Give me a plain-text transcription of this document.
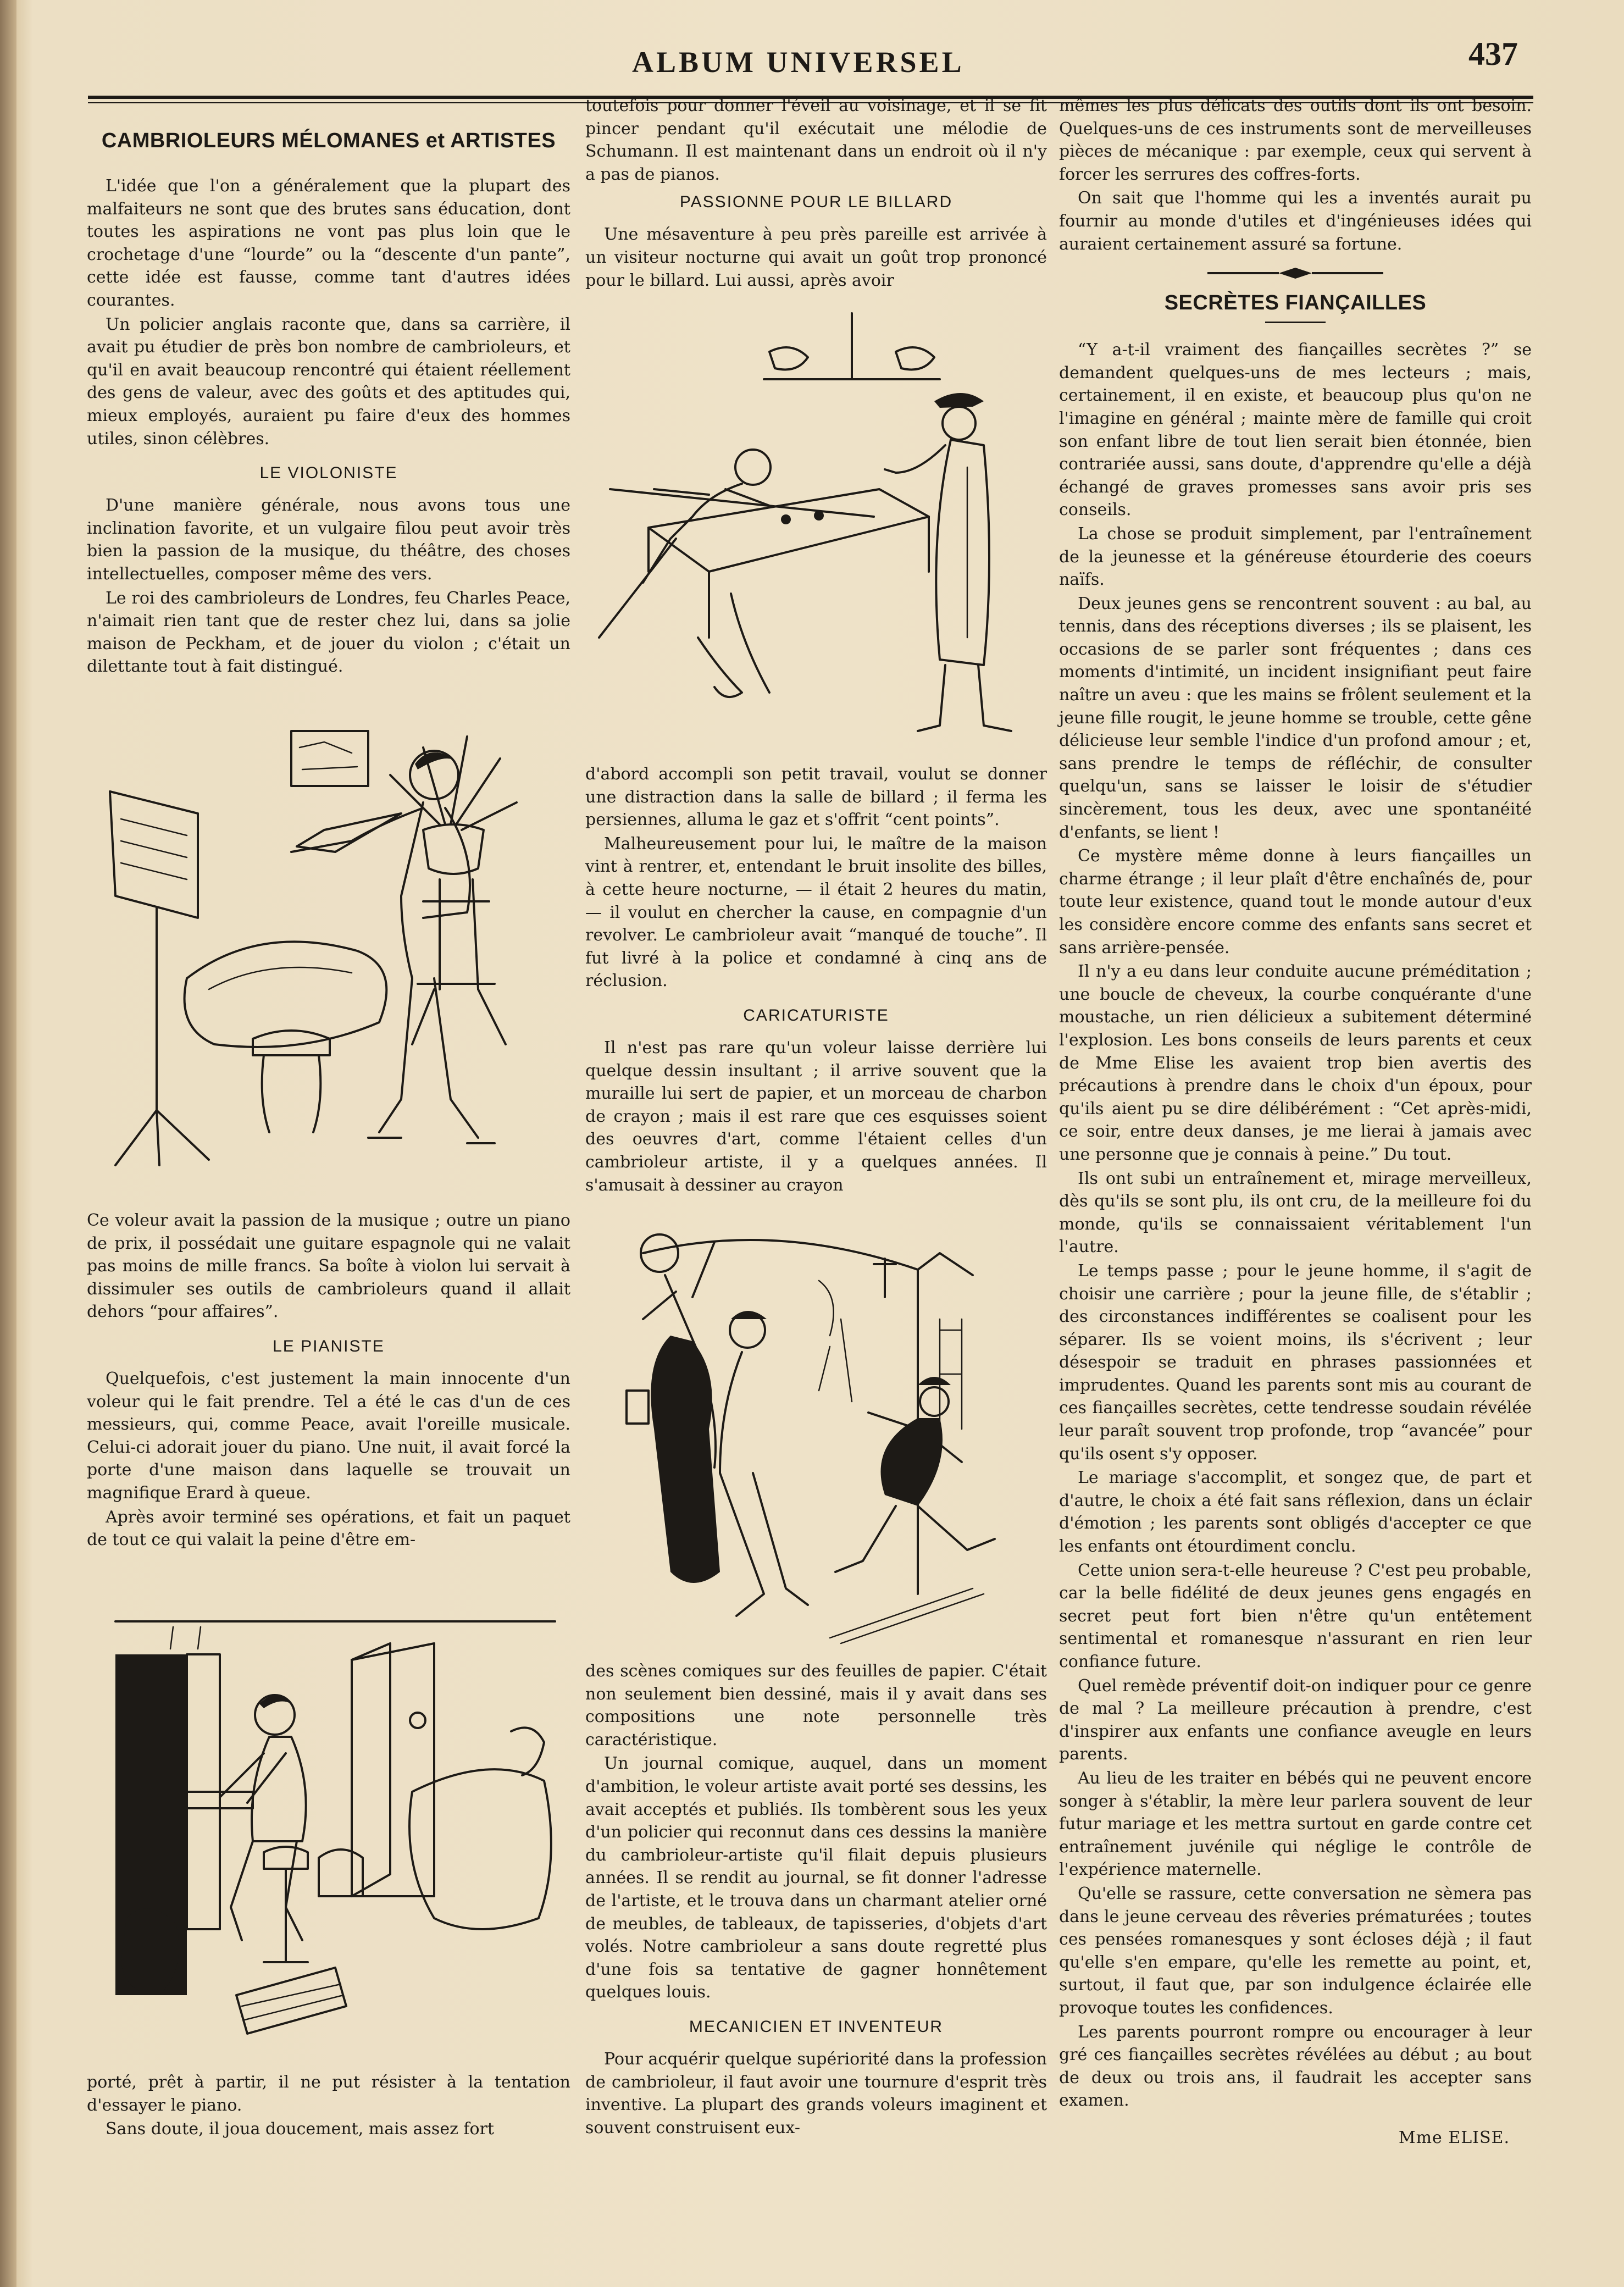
ALBUM UNIVERSEL	437
CAMBRIOLEURS MÉLOMANES et ARTISTES

L'idée que l'on a généralement que la plupart des malfaiteurs ne sont que des brutes sans éducation, dont toutes les aspirations ne vont pas plus loin que le crochetage d'une “lourde” ou la “descente d'un pante”, cette idée est fausse, comme tant d'autres idées courantes.

Un policier anglais raconte que, dans sa carrière, il avait pu étudier de près bon nombre de cambrioleurs, et qu'il en avait beaucoup rencontré qui étaient réellement des gens de valeur, avec des goûts et des aptitudes qui, mieux employés, auraient pu faire d'eux des hommes utiles, sinon célèbres.

LE VIOLONISTE

D'une manière générale, nous avons tous une inclination favorite, et un vulgaire filou peut avoir très bien la passion de la musique, du théâtre, des choses intellectuelles, composer même des vers.

Le roi des cambrioleurs de Londres, feu Charles Peace, n'aimait rien tant que de rester chez lui, dans sa jolie maison de Peckham, et de jouer du violon ; c'était un dilettante tout à fait distingué.

Ce voleur avait la passion de la musique ; outre un piano de prix, il possédait une guitare espagnole qui ne valait pas moins de mille francs. Sa boîte à violon lui servait à dissimuler ses outils de cambrioleurs quand il allait dehors “pour affaires”.

LE PIANISTE

Quelquefois, c'est justement la main innocente d'un voleur qui le fait prendre. Tel a été le cas d'un de ces messieurs, qui, comme Peace, avait l'oreille musicale. Celui-ci adorait jouer du piano. Une nuit, il avait forcé la porte d'une maison dans laquelle se trouvait un magnifique Erard à queue.

Après avoir terminé ses opérations, et fait un paquet de tout ce qui valait la peine d'être em-

porté, prêt à partir, il ne put résister à la tentation d'essayer le piano.

Sans doute, il joua doucement, mais assez fort

toutefois pour donner l'éveil au voisinage, et il se fit pincer pendant qu'il exécutait une mélodie de Schumann. Il est maintenant dans un endroit où il n'y a pas de pianos.

PASSIONNE POUR LE BILLARD

Une mésaventure à peu près pareille est arrivée à un visiteur nocturne qui avait un goût trop prononcé pour le billard. Lui aussi, après avoir

d'abord accompli son petit travail, voulut se donner une distraction dans la salle de billard ; il ferma les persiennes, alluma le gaz et s'offrit “cent points”.

Malheureusement pour lui, le maître de la maison vint à rentrer, et, entendant le bruit insolite des billes, à cette heure nocturne, — il était 2 heures du matin, — il voulut en chercher la cause, en compagnie d'un revolver. Le cambrioleur avait “manqué de touche”. Il fut livré à la police et condamné à cinq ans de réclusion.

CARICATURISTE

Il n'est pas rare qu'un voleur laisse derrière lui quelque dessin insultant ; il arrive souvent que la muraille lui sert de papier, et un morceau de charbon de crayon ; mais il est rare que ces esquisses soient des oeuvres d'art, comme l'étaient celles d'un cambrioleur artiste, il y a quelques années. Il s'amusait à dessiner au crayon

des scènes comiques sur des feuilles de papier. C'était non seulement bien dessiné, mais il y avait dans ses compositions une note personnelle très caractéristique.

Un journal comique, auquel, dans un moment d'ambition, le voleur artiste avait porté ses dessins, les avait acceptés et publiés. Ils tombèrent sous les yeux d'un policier qui reconnut dans ces dessins la manière du cambrioleur-artiste qu'il filait depuis plusieurs années. Il se rendit au journal, se fit donner l'adresse de l'artiste, et le trouva dans un charmant atelier orné de meubles, de tableaux, de tapisseries, d'objets d'art volés. Notre cambrioleur a sans doute regretté plus d'une fois sa tentative de gagner honnêtement quelques louis.

MECANICIEN ET INVENTEUR

Pour acquérir quelque supériorité dans la profession de cambrioleur, il faut avoir une tournure d'esprit très inventive. La plupart des grands voleurs imaginent et souvent construisent eux-

mêmes les plus délicats des outils dont ils ont besoin. Quelques-uns de ces instruments sont de merveilleuses pièces de mécanique : par exemple, ceux qui servent à forcer les serrures des coffres-forts.

On sait que l'homme qui les a inventés aurait pu fournir au monde d'utiles et d'ingénieuses idées qui auraient certainement assuré sa fortune.

SECRÈTES FIANÇAILLES

“Y a-t-il vraiment des fiançailles secrètes ?” se demandent quelques-uns de mes lecteurs ; mais, certainement, il en existe, et beaucoup plus qu'on ne l'imagine en général ; mainte mère de famille qui croit son enfant libre de tout lien serait bien étonnée, bien contrariée aussi, sans doute, d'apprendre qu'elle a déjà échangé de graves promesses sans avoir pris ses conseils.

La chose se produit simplement, par l'entraînement de la jeunesse et la généreuse étourderie des coeurs naïfs.

Deux jeunes gens se rencontrent souvent : au bal, au tennis, dans des réceptions diverses ; ils se plaisent, les occasions de se parler sont fréquentes ; dans ces moments d'intimité, un incident insignifiant peut faire naître un aveu : que les mains se frôlent seulement et la jeune fille rougit, le jeune homme se trouble, cette gêne délicieuse leur semble l'indice d'un profond amour ; et, sans prendre le temps de réfléchir, de consulter quelqu'un, sans se laisser le loisir de s'étudier sincèrement, tous les deux, avec une spontanéité d'enfants, se lient !

Ce mystère même donne à leurs fiançailles un charme étrange ; il leur plaît d'être enchaînés de, pour toute leur existence, quand tout le monde autour d'eux les considère encore comme des enfants sans secret et sans arrière-pensée.

Il n'y a eu dans leur conduite aucune préméditation ; une boucle de cheveux, la courbe conquérante d'une moustache, un rien délicieux a subitement déterminé l'explosion. Les bons conseils de leurs parents et ceux de Mme Elise les avaient trop bien avertis des précautions à prendre dans le choix d'un époux, pour qu'ils aient pu se dire délibérément : “Cet après-midi, ce soir, entre deux danses, je me lierai à jamais avec une personne que je connais à peine.” Du tout.

Ils ont subi un entraînement et, mirage merveilleux, dès qu'ils se sont plu, ils ont cru, de la meilleure foi du monde, qu'ils se connaissaient véritablement l'un l'autre.

Le temps passe ; pour le jeune homme, il s'agit de choisir une carrière ; pour la jeune fille, de s'établir ; des circonstances indifférentes se coalisent pour les séparer. Ils se voient moins, ils s'écrivent ; leur désespoir se traduit en phrases passionnées et imprudentes. Quand les parents sont mis au courant de ces fiançailles secrètes, cette tendresse soudain révélée leur paraît souvent trop profonde, trop “avancée” pour qu'ils osent s'y opposer.

Le mariage s'accomplit, et songez que, de part et d'autre, le choix a été fait sans réflexion, dans un éclair d'émotion ; les parents sont obligés d'accepter ce que les enfants ont étourdiment conclu.

Cette union sera-t-elle heureuse ? C'est peu probable, car la belle fidélité de deux jeunes gens engagés en secret peut fort bien n'être qu'un entêtement sentimental et romanesque n'assurant en rien leur confiance future.

Quel remède préventif doit-on indiquer pour ce genre de mal ? La meilleure précaution à prendre, c'est d'inspirer aux enfants une confiance aveugle en leurs parents.

Au lieu de les traiter en bébés qui ne peuvent encore songer à s'établir, la mère leur parlera souvent de leur futur mariage et les mettra surtout en garde contre cet entraînement juvénile qui néglige le contrôle de l'expérience maternelle.

Qu'elle se rassure, cette conversation ne sèmera pas dans le jeune cerveau des rêveries prématurées ; toutes ces pensées romanesques y sont écloses déjà ; il faut qu'elle s'en empare, qu'elle les remette au point, et, surtout, il faut que, par son indulgence éclairée elle provoque toutes les confidences.

Les parents pourront rompre ou encourager à leur gré ces fiançailles secrètes révélées au début ; au bout de deux ou trois ans, il faudrait les accepter sans examen.

Mme ELISE.
